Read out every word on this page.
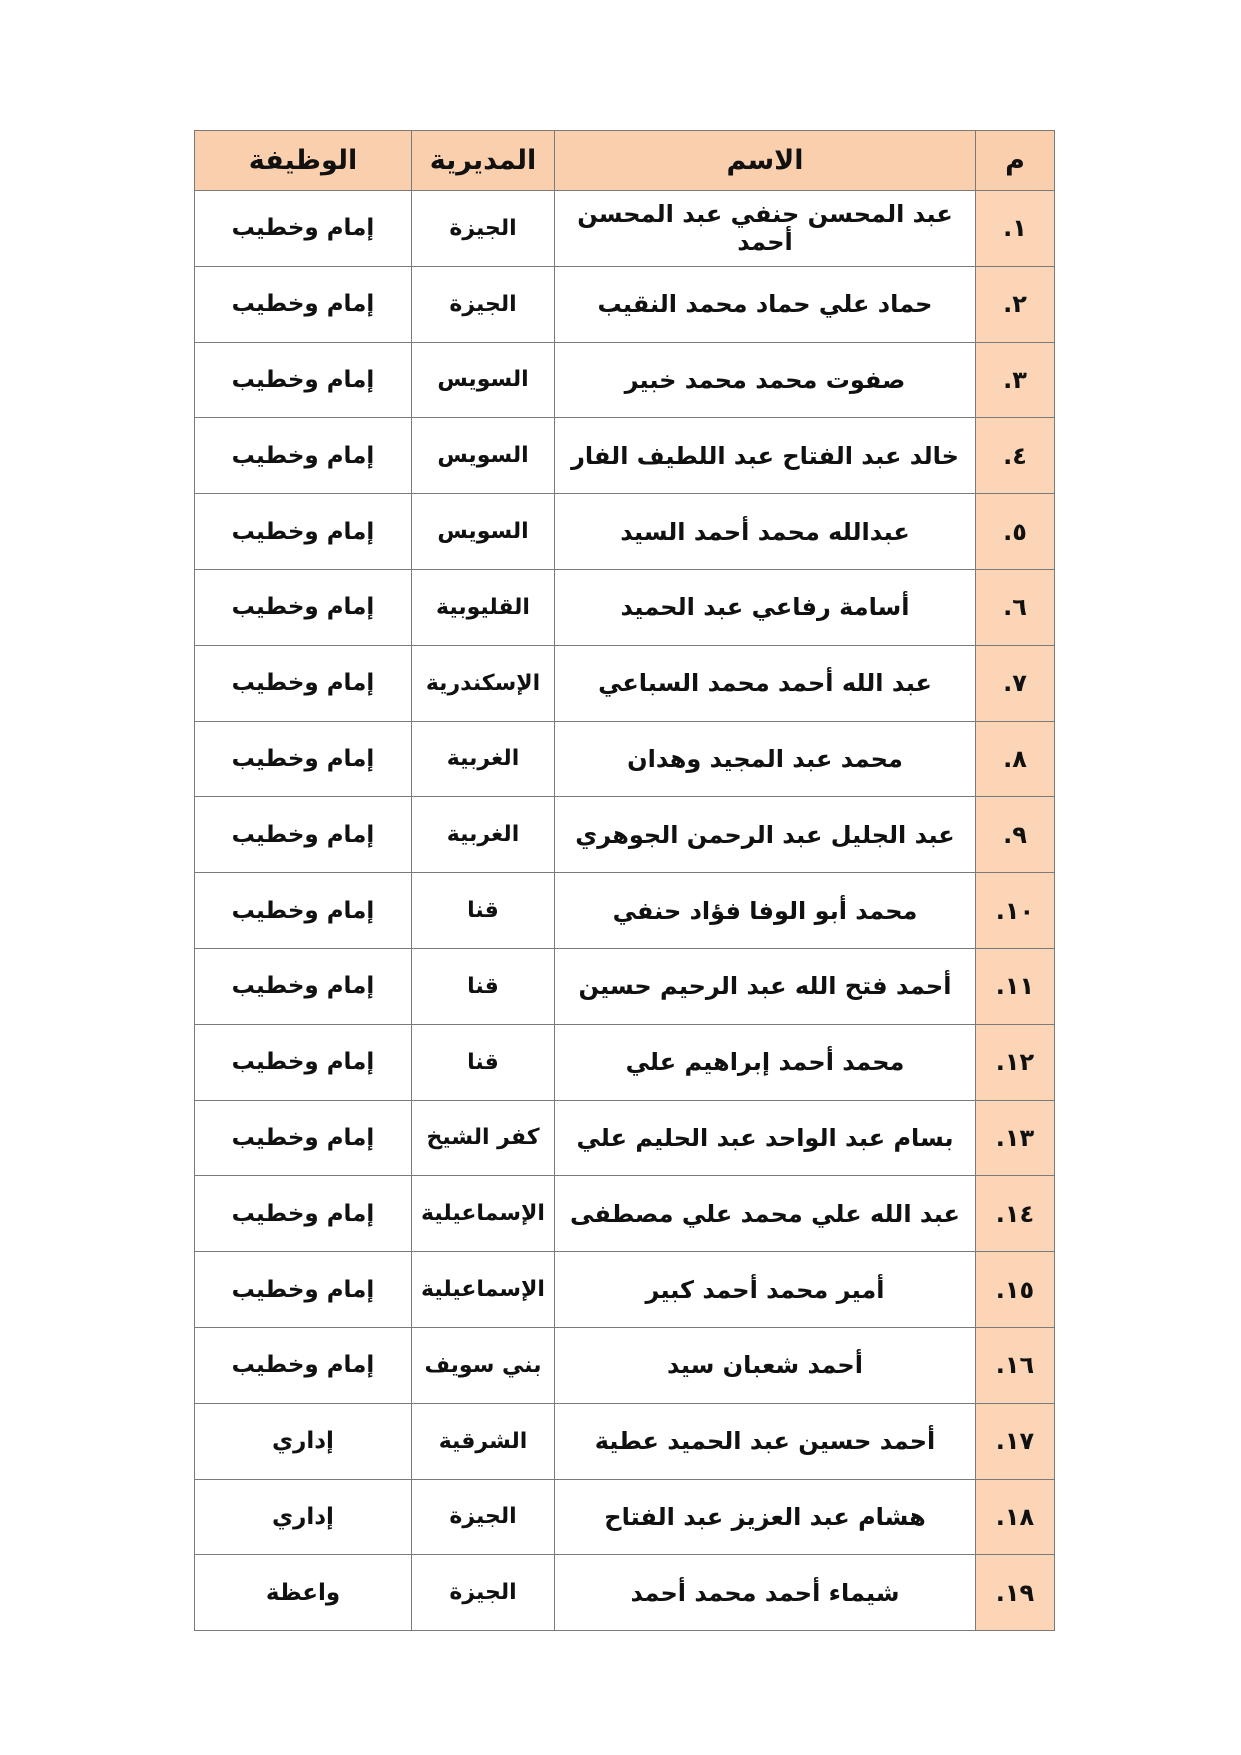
م	الاسم	المديرية	الوظيفة
١.	عبد المحسن حنفي عبد المحسن أحمد	الجيزة	إمام وخطيب
٢.	حماد علي حماد محمد النقيب	الجيزة	إمام وخطيب
٣.	صفوت محمد محمد خبير	السويس	إمام وخطيب
٤.	خالد عبد الفتاح عبد اللطيف الفار	السويس	إمام وخطيب
٥.	عبدالله محمد أحمد السيد	السويس	إمام وخطيب
٦.	أسامة رفاعي عبد الحميد	القليوبية	إمام وخطيب
٧.	عبد الله أحمد محمد السباعي	الإسكندرية	إمام وخطيب
٨.	محمد عبد المجيد وهدان	الغربية	إمام وخطيب
٩.	عبد الجليل عبد الرحمن الجوهري	الغربية	إمام وخطيب
١٠.	محمد أبو الوفا فؤاد حنفي	قنا	إمام وخطيب
١١.	أحمد فتح الله عبد الرحيم حسين	قنا	إمام وخطيب
١٢.	محمد أحمد إبراهيم علي	قنا	إمام وخطيب
١٣.	بسام عبد الواحد عبد الحليم علي	كفر الشيخ	إمام وخطيب
١٤.	عبد الله علي محمد علي مصطفى	الإسماعيلية	إمام وخطيب
١٥.	أمير محمد أحمد كبير	الإسماعيلية	إمام وخطيب
١٦.	أحمد شعبان سيد	بني سويف	إمام وخطيب
١٧.	أحمد حسين عبد الحميد عطية	الشرقية	إداري
١٨.	هشام عبد العزيز عبد الفتاح	الجيزة	إداري
١٩.	شيماء أحمد محمد أحمد	الجيزة	واعظة
